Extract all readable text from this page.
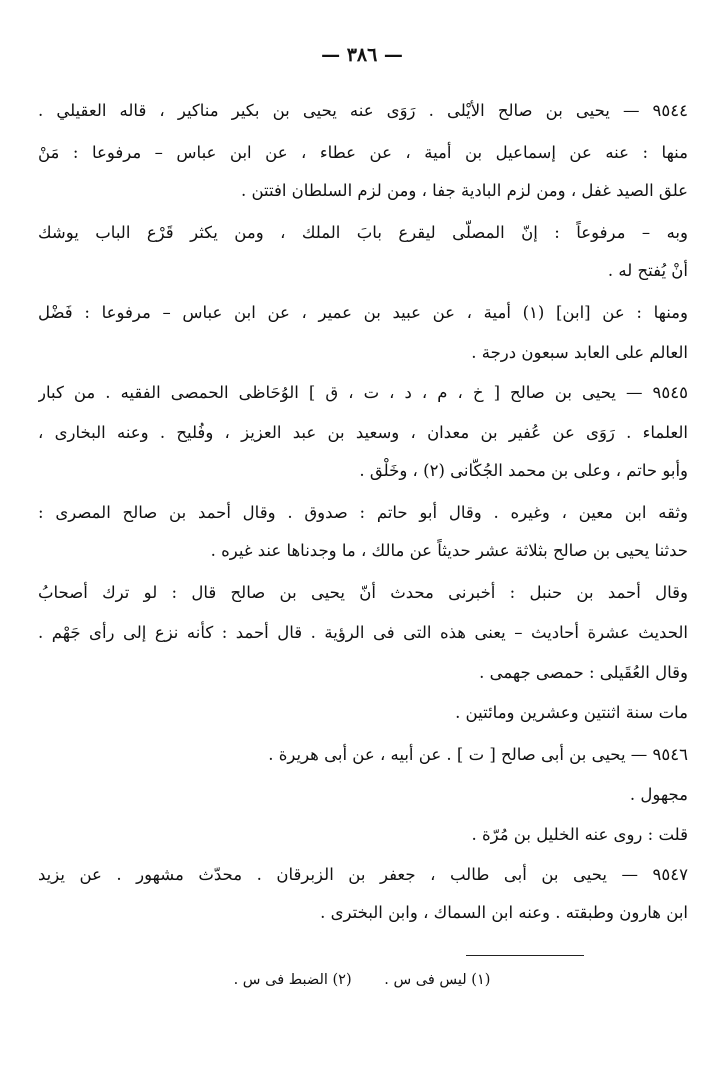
— ٣٨٦ —
٩٥٤٤ — يحيى بن صالح الأيْلى . رَوَى عنه يحيى بن بكير مناكير ، قاله العقيلي .
منها : عنه عن إسماعيل بن أمية ، عن عطاء ، عن ابن عباس – مرفوعا : مَنْ
علق الصيد غفل ، ومن لزم البادية جفا ، ومن لزم السلطان افتتن .
وبه – مرفوعاً : إنّ المصلّى ليقرع بابَ الملك ، ومن يكثر قَرْع الباب يوشك
أنْ يُفتح له .
ومنها : عن [ابن] (١) أمية ، عن عبيد بن عمير ، عن ابن عباس – مرفوعا : فَضْل
العالم على العابد سبعون درجة .
٩٥٤٥ — يحيى بن صالح [ خ ، م ، د ، ت ، ق ] الوُحَاظى الحمصى الفقيه . من كبار
العلماء . رَوَى عن عُفير بن معدان ، وسعيد بن عبد العزيز ، وفُليح . وعنه البخارى ،
وأبو حاتم ، وعلى بن محمد الجُكَّانى (٢) ، وخَلْق .
وثقه ابن معين ، وغيره . وقال أبو حاتم : صدوق . وقال أحمد بن صالح المصرى :
حدثنا يحيى بن صالح بثلاثة عشر حديثاً عن مالك ، ما وجدناها عند غيره .
وقال أحمد بن حنبل : أخبرنى محدث أنّ يحيى بن صالح قال : لو ترك أصحابُ
الحديث عشرة أحاديث – يعنى هذه التى فى الرؤية . قال أحمد : كأنه نزع إلى رأى جَهْم .
وقال العُقَيلى : حمصى جهمى .
مات سنة اثنتين وعشرين ومائتين .
٩٥٤٦ — يحيى بن أبى صالح [ ت ] . عن أبيه ، عن أبى هريرة .
مجهول .
قلت : روى عنه الخليل بن مُرّة .
٩٥٤٧ — يحيى بن أبى طالب ، جعفر بن الزبرقان . محدّث مشهور . عن يزيد
ابن هارون وطبقته . وعنه ابن السماك ، وابن البخترى .
(١) ليس فى س . (٢) الضبط فى س .
